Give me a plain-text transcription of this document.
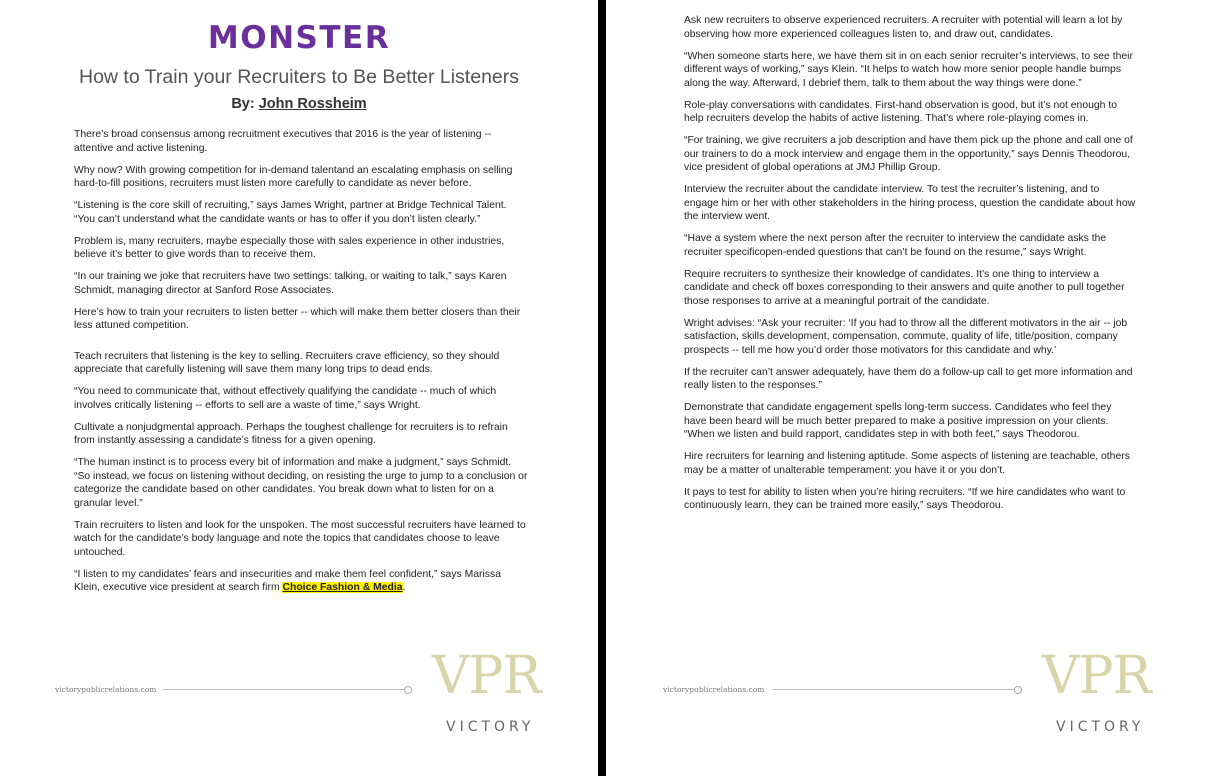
MONSTER
How to Train your Recruiters to Be Better Listeners
By: John Rossheim

There’s broad consensus among recruitment executives that 2016 is the year of listening -- attentive and active listening.

Why now? With growing competition for in-demand talentand an escalating emphasis on selling hard-to-fill positions, recruiters must listen more carefully to candidate as never before.

“Listening is the core skill of recruiting,” says James Wright, partner at Bridge Technical Talent. “You can’t understand what the candidate wants or has to offer if you don’t listen clearly.”

Problem is, many recruiters, maybe especially those with sales experience in other industries, believe it’s better to give words than to receive them.

“In our training we joke that recruiters have two settings: talking, or waiting to talk,” says Karen Schmidt, managing director at Sanford Rose Associates.

Here’s how to train your recruiters to listen better -- which will make them better closers than their less attuned competition.

Teach recruiters that listening is the key to selling. Recruiters crave efficiency, so they should appreciate that carefully listening will save them many long trips to dead ends.

“You need to communicate that, without effectively qualifying the candidate -- much of which involves critically listening -- efforts to sell are a waste of time,” says Wright.

Cultivate a nonjudgmental approach. Perhaps the toughest challenge for recruiters is to refrain from instantly assessing a candidate’s fitness for a given opening.

“The human instinct is to process every bit of information and make a judgment,” says Schmidt. “So instead, we focus on listening without deciding, on resisting the urge to jump to a conclusion or categorize the candidate based on other candidates. You break down what to listen for on a granular level.”

Train recruiters to listen and look for the unspoken. The most successful recruiters have learned to watch for the candidate’s body language and note the topics that candidates choose to leave untouched.

“I listen to my candidates’ fears and insecurities and make them feel confident,” says Marissa Klein, executive vice president at search firm Choice Fashion & Media.

victorypublicrelations.com	VPR
VICTORY

Ask new recruiters to observe experienced recruiters. A recruiter with potential will learn a lot by observing how more experienced colleagues listen to, and draw out, candidates.

“When someone starts here, we have them sit in on each senior recruiter’s interviews, to see their different ways of working,” says Klein. “It helps to watch how more senior people handle bumps along the way. Afterward, I debrief them, talk to them about the way things were done.”

Role-play conversations with candidates. First-hand observation is good, but it’s not enough to help recruiters develop the habits of active listening. That’s where role-playing comes in.

“For training, we give recruiters a job description and have them pick up the phone and call one of our trainers to do a mock interview and engage them in the opportunity,” says Dennis Theodorou, vice president of global operations at JMJ Phillip Group.

Interview the recruiter about the candidate interview. To test the recruiter’s listening, and to engage him or her with other stakeholders in the hiring process, question the candidate about how the interview went.

“Have a system where the next person after the recruiter to interview the candidate asks the recruiter specificopen-ended questions that can’t be found on the resume,” says Wright.

Require recruiters to synthesize their knowledge of candidates. It’s one thing to interview a candidate and check off boxes corresponding to their answers and quite another to pull together those responses to arrive at a meaningful portrait of the candidate.

Wright advises: “Ask your recruiter: ‘If you had to throw all the different motivators in the air -- job satisfaction, skills development, compensation, commute, quality of life, title/position, company prospects -- tell me how you’d order those motivators for this candidate and why.’

If the recruiter can’t answer adequately, have them do a follow-up call to get more information and really listen to the responses.”

Demonstrate that candidate engagement spells long-term success. Candidates who feel they have been heard will be much better prepared to make a positive impression on your clients. “When we listen and build rapport, candidates step in with both feet,” says Theodorou.

Hire recruiters for learning and listening aptitude. Some aspects of listening are teachable, others may be a matter of unalterable temperament: you have it or you don’t.

It pays to test for ability to listen when you’re hiring recruiters. “If we hire candidates who want to continuously learn, they can be trained more easily,” says Theodorou.

victorypublicrelations.com	VPR
VICTORY
